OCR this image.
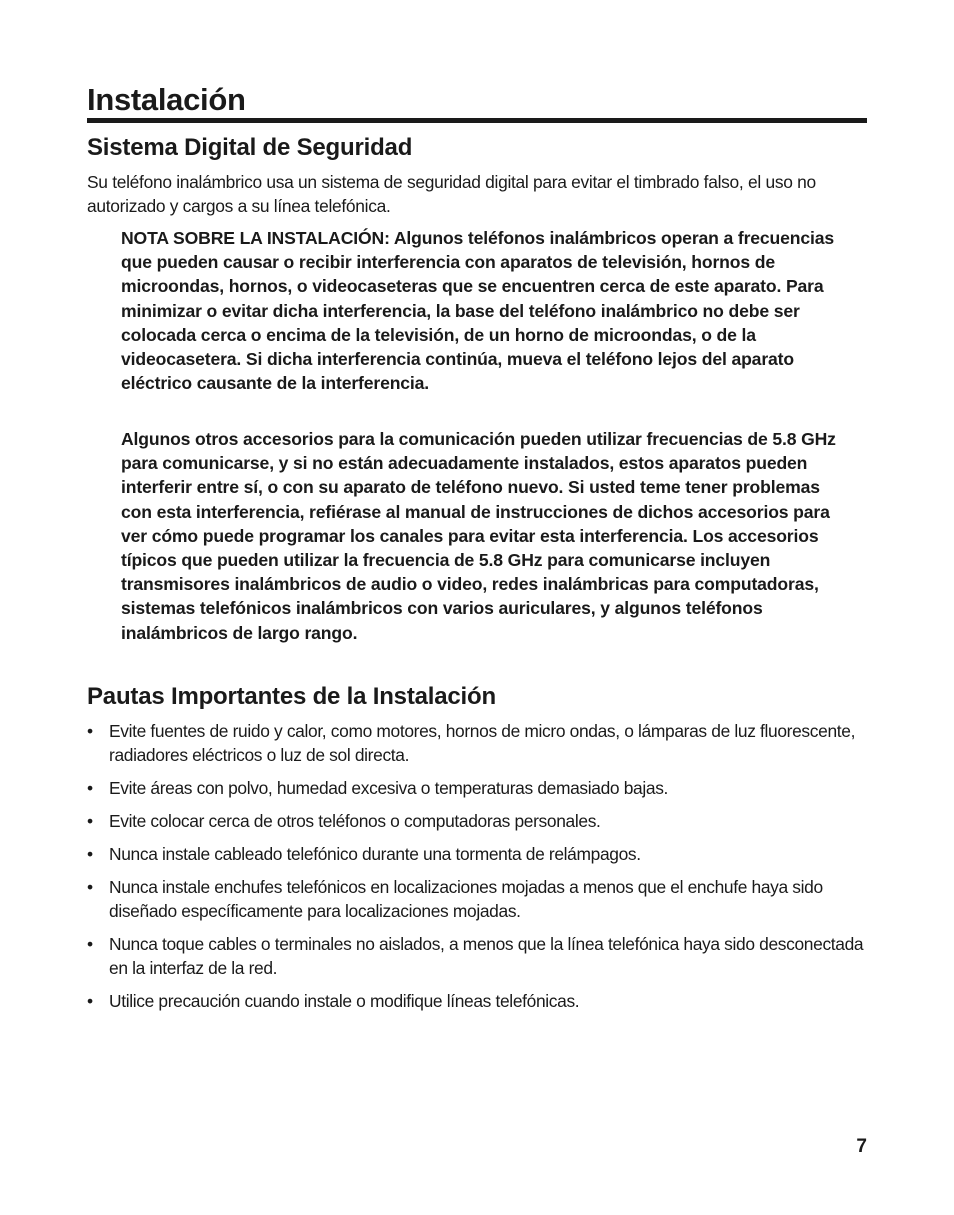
Instalación
Sistema Digital de Seguridad

Su teléfono inalámbrico usa un sistema de seguridad digital para evitar el timbrado falso, el uso no autorizado y cargos a su línea telefónica.

NOTA SOBRE LA INSTALACIÓN: Algunos teléfonos inalámbricos operan a frecuencias que pueden causar o recibir interferencia con aparatos de televisión, hornos de microondas, hornos, o videocaseteras que se encuentren cerca de este aparato. Para minimizar o evitar dicha interferencia, la base del teléfono inalámbrico no debe ser colocada cerca o encima de la televisión, de un horno de microondas, o de la videocasetera. Si dicha interferencia continúa, mueva el teléfono lejos del aparato eléctrico causante de la interferencia.

Algunos otros accesorios para la comunicación pueden utilizar frecuencias de 5.8 GHz para comunicarse, y si no están adecuadamente instalados, estos aparatos pueden interferir entre sí, o con su aparato de teléfono nuevo. Si usted teme tener problemas con esta interferencia, refiérase al manual de instrucciones de dichos accesorios para ver cómo puede programar los canales para evitar esta interferencia. Los accesorios típicos que pueden utilizar la frecuencia de 5.8 GHz para comunicarse incluyen transmisores inalámbricos de audio o video, redes inalámbricas para computadoras, sistemas telefónicos inalámbricos con varios auriculares, y algunos teléfonos inalámbricos de largo rango.

Pautas Importantes de la Instalación
• Evite fuentes de ruido y calor, como motores, hornos de micro ondas, o lámparas de luz fluorescente, radiadores eléctricos o luz de sol directa.
• Evite áreas con polvo, humedad excesiva o temperaturas demasiado bajas.
• Evite colocar cerca de otros teléfonos o computadoras personales.
• Nunca instale cableado telefónico durante una tormenta de relámpagos.
• Nunca instale enchufes telefónicos en localizaciones mojadas a menos que el enchufe haya sido diseñado específicamente para localizaciones mojadas.
• Nunca toque cables o terminales no aislados, a menos que la línea telefónica haya sido desconectada en la interfaz de la red.
• Utilice precaución cuando instale o modifique líneas telefónicas.
7
